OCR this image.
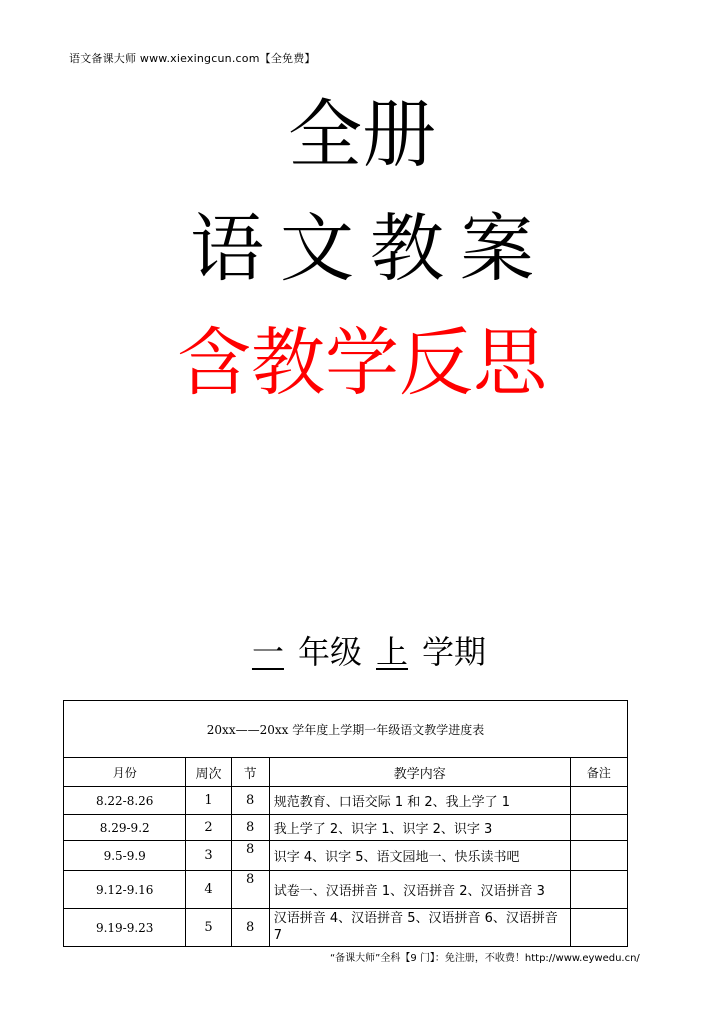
语文备课大师 www.xiexingcun.com【全免费】
全册
语文教案
含教学反思
一 年级 上 学期
20xx——20xx 学年度上学期一年级语文教学进度表				
月份	周次	节	教学内容	备注
8.22-8.26	1	8	规范教育、口语交际 1 和 2、我上学了 1	
8.29-9.2	2	8	我上学了 2、识字 1、识字 2、识字 3	
9.5-9.9	3	8	识字 4、识字 5、语文园地一、快乐读书吧	
9.12-9.16	4	8	试卷一、汉语拼音 1、汉语拼音 2、汉语拼音 3	
9.19-9.23	5	8	汉语拼音 4、汉语拼音 5、汉语拼音 6、汉语拼音 7	
“备课大师”全科【9 门】：免注册，不收费！http://www.eywedu.cn/
